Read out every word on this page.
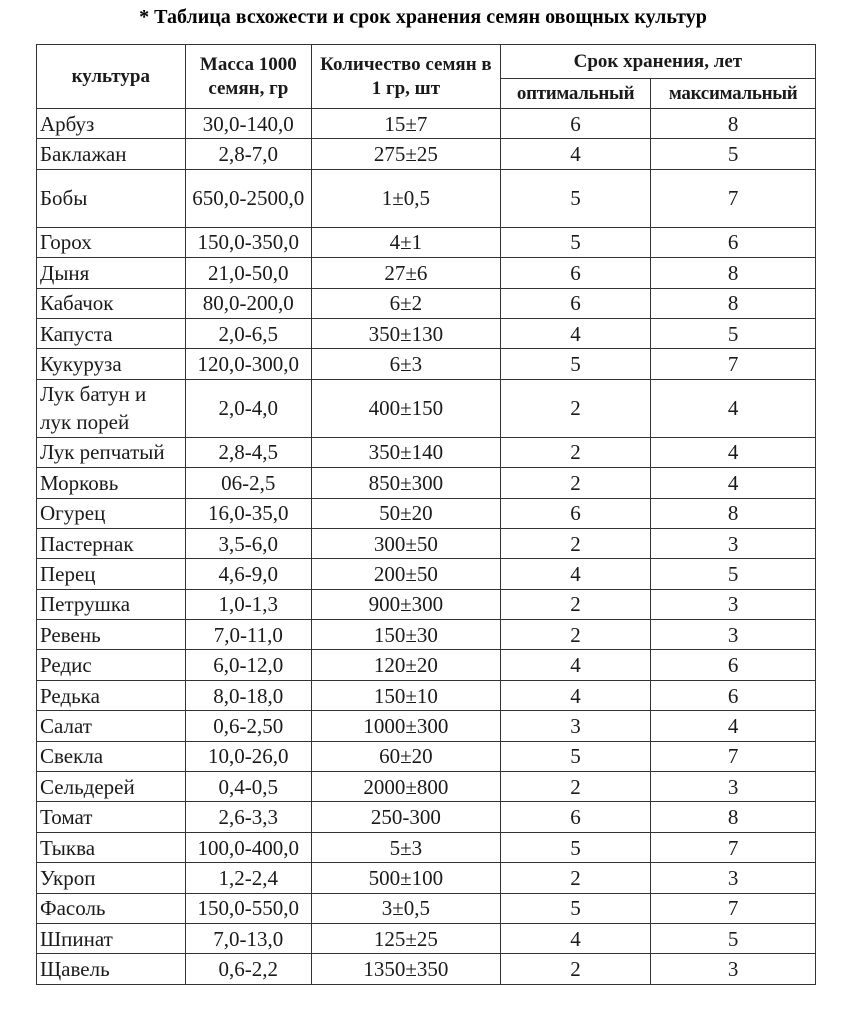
* Таблица всхожести и срок хранения семян овощных культур
культура	Масса 1000 семян, гр	Количество семян в 1 гр, шт	Срок хранения, лет	
			оптимальный	максимальный
Арбуз	30,0-140,0	15±7	6	8
Баклажан	2,8-7,0	275±25	4	5
Бобы	650,0-2500,0	1±0,5	5	7
Горох	150,0-350,0	4±1	5	6
Дыня	21,0-50,0	27±6	6	8
Кабачок	80,0-200,0	6±2	6	8
Капуста	2,0-6,5	350±130	4	5
Кукуруза	120,0-300,0	6±3	5	7
Лук батун и лук порей	2,0-4,0	400±150	2	4
Лук репчатый	2,8-4,5	350±140	2	4
Морковь	06-2,5	850±300	2	4
Огурец	16,0-35,0	50±20	6	8
Пастернак	3,5-6,0	300±50	2	3
Перец	4,6-9,0	200±50	4	5
Петрушка	1,0-1,3	900±300	2	3
Ревень	7,0-11,0	150±30	2	3
Редис	6,0-12,0	120±20	4	6
Редька	8,0-18,0	150±10	4	6
Салат	0,6-2,50	1000±300	3	4
Свекла	10,0-26,0	60±20	5	7
Сельдерей	0,4-0,5	2000±800	2	3
Томат	2,6-3,3	250-300	6	8
Тыква	100,0-400,0	5±3	5	7
Укроп	1,2-2,4	500±100	2	3
Фасоль	150,0-550,0	3±0,5	5	7
Шпинат	7,0-13,0	125±25	4	5
Щавель	0,6-2,2	1350±350	2	3
